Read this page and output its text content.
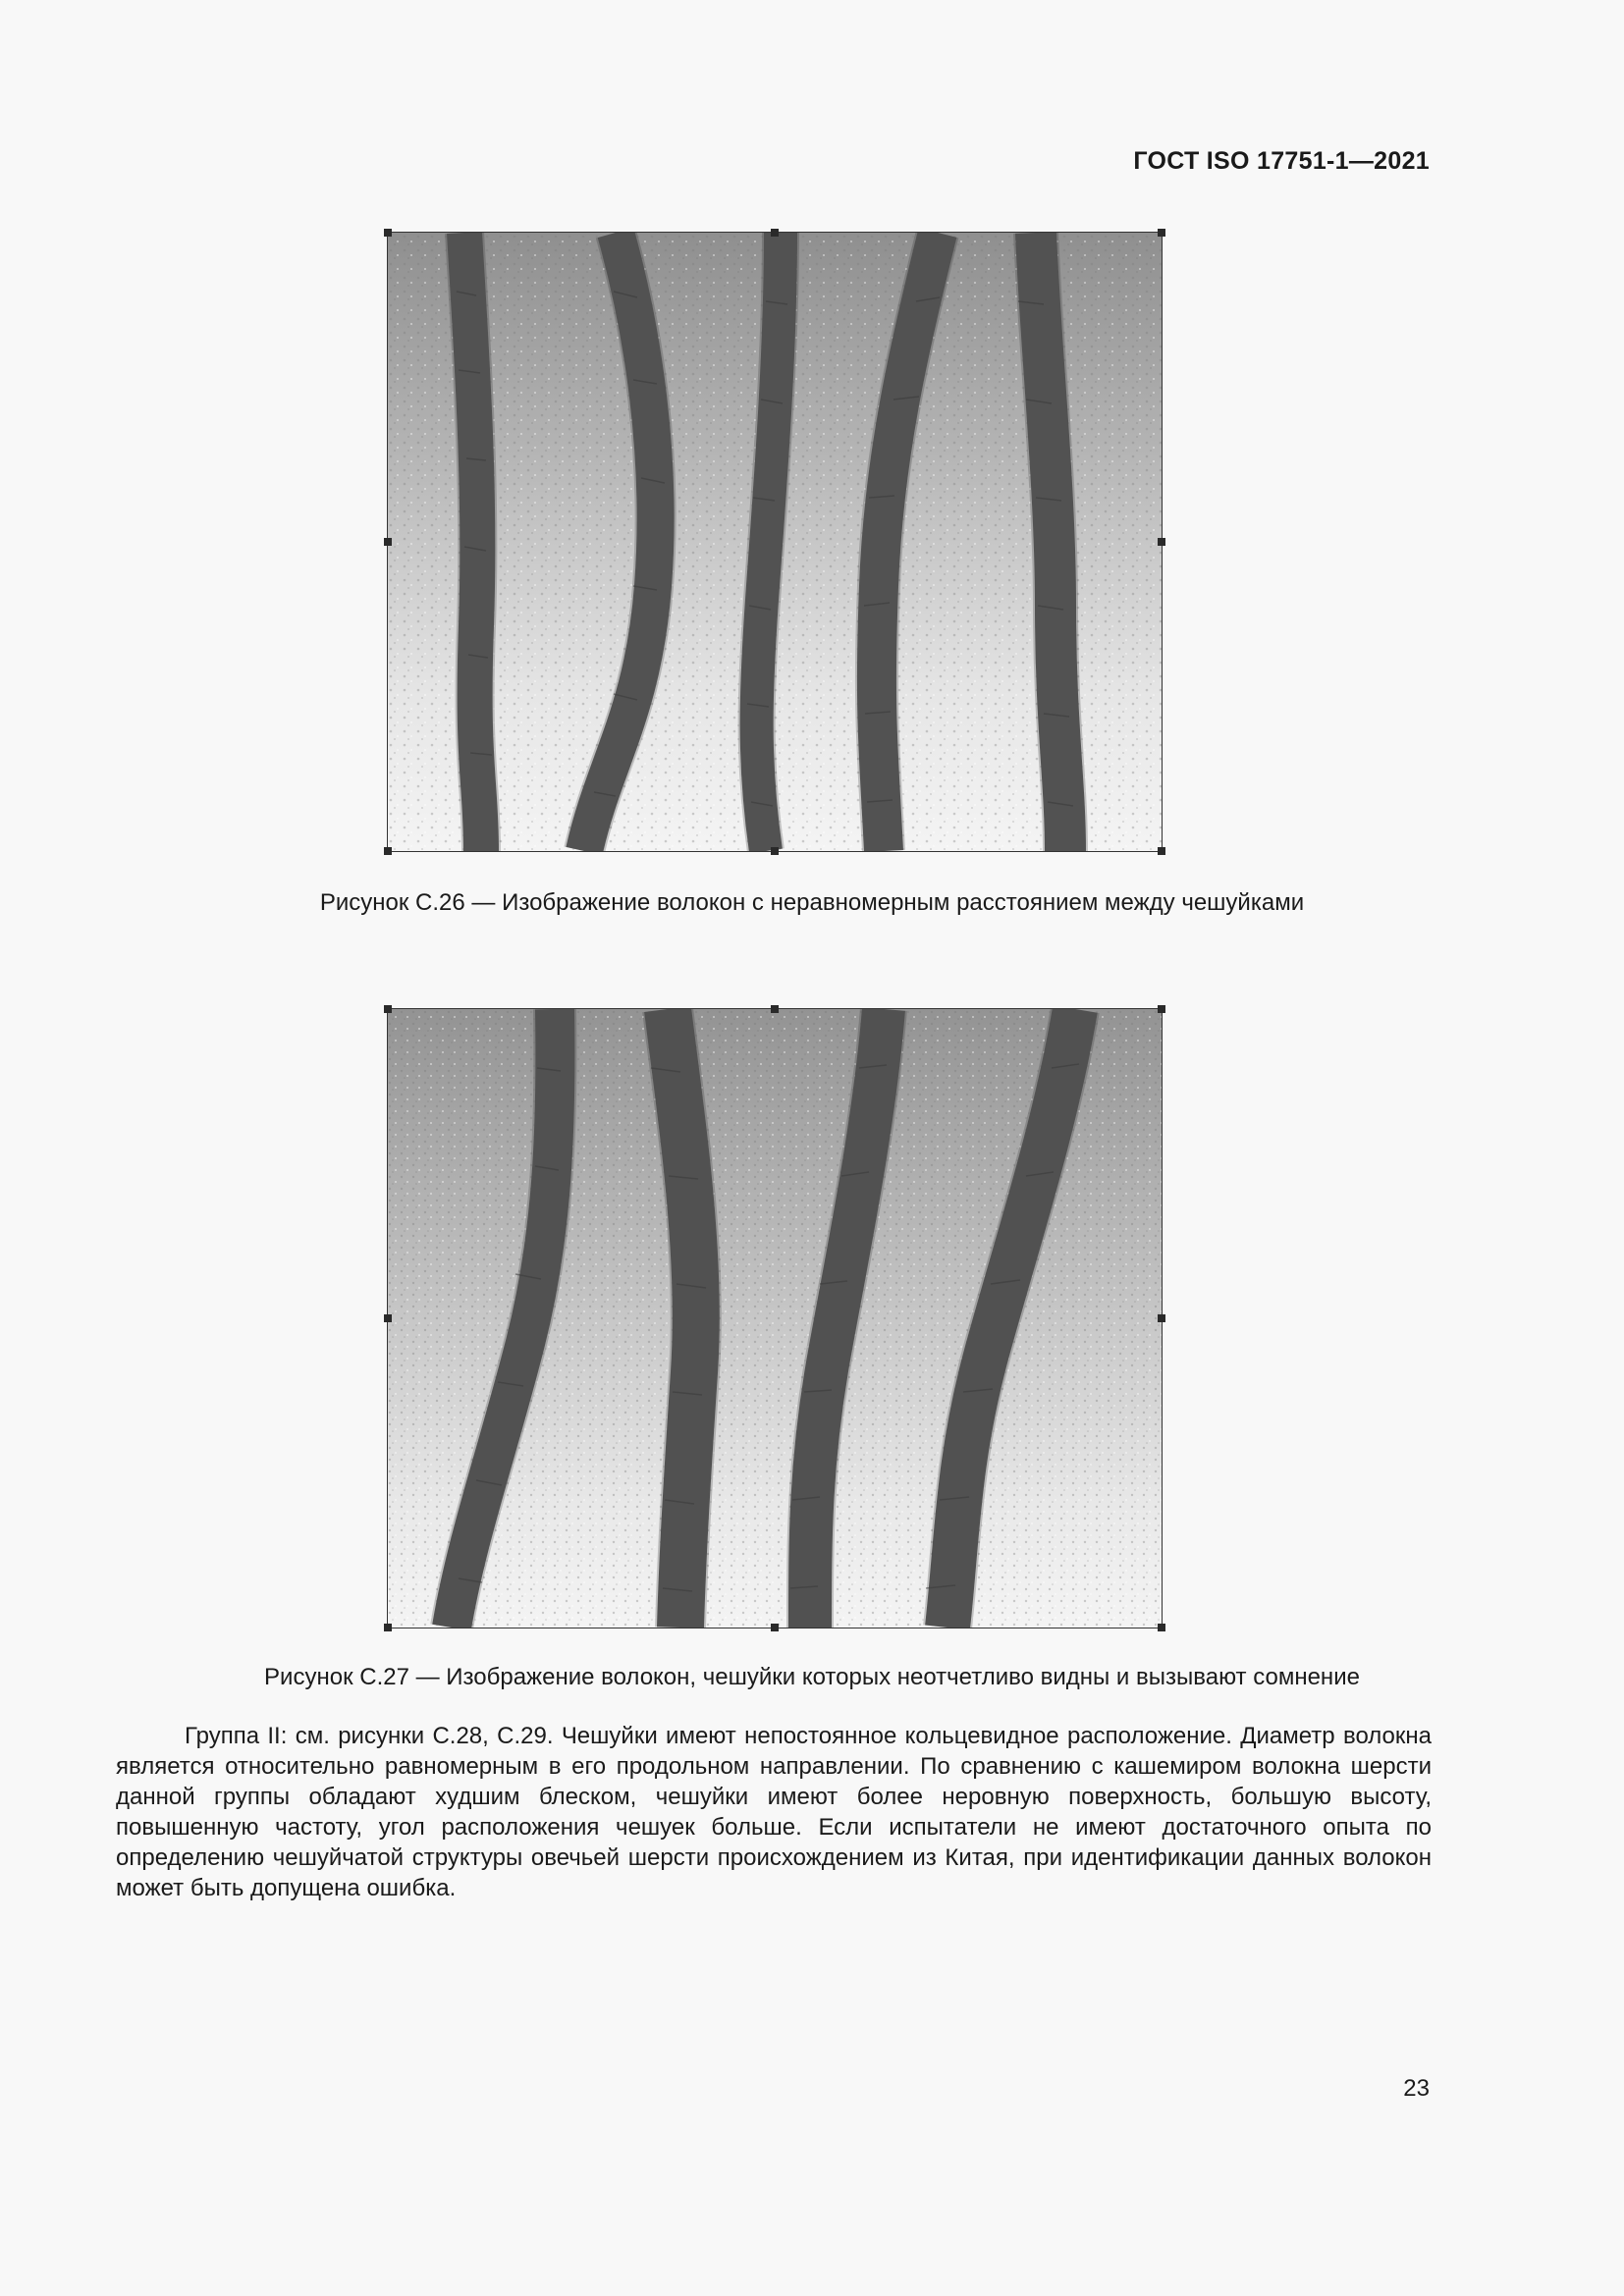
ГОСТ ISO 17751-1—2021
Рисунок С.26 — Изображение волокон с неравномерным расстоянием между чешуйками
Рисунок С.27 — Изображение волокон, чешуйки которых неотчетливо видны и вызывают сомнение

Группа II: см. рисунки С.28, С.29. Чешуйки имеют непостоянное кольцевидное расположение. Диаметр волокна является относительно равномерным в его продольном направлении. По сравнению с кашемиром волокна шерсти данной группы обладают худшим блеском, чешуйки имеют более неровную поверхность, большую высоту, повышенную частоту, угол расположения чешуек больше. Если испытатели не имеют достаточного опыта по определению чешуйчатой структуры овечьей шерсти происхождением из Китая, при идентификации данных волокон может быть допущена ошибка.

23
